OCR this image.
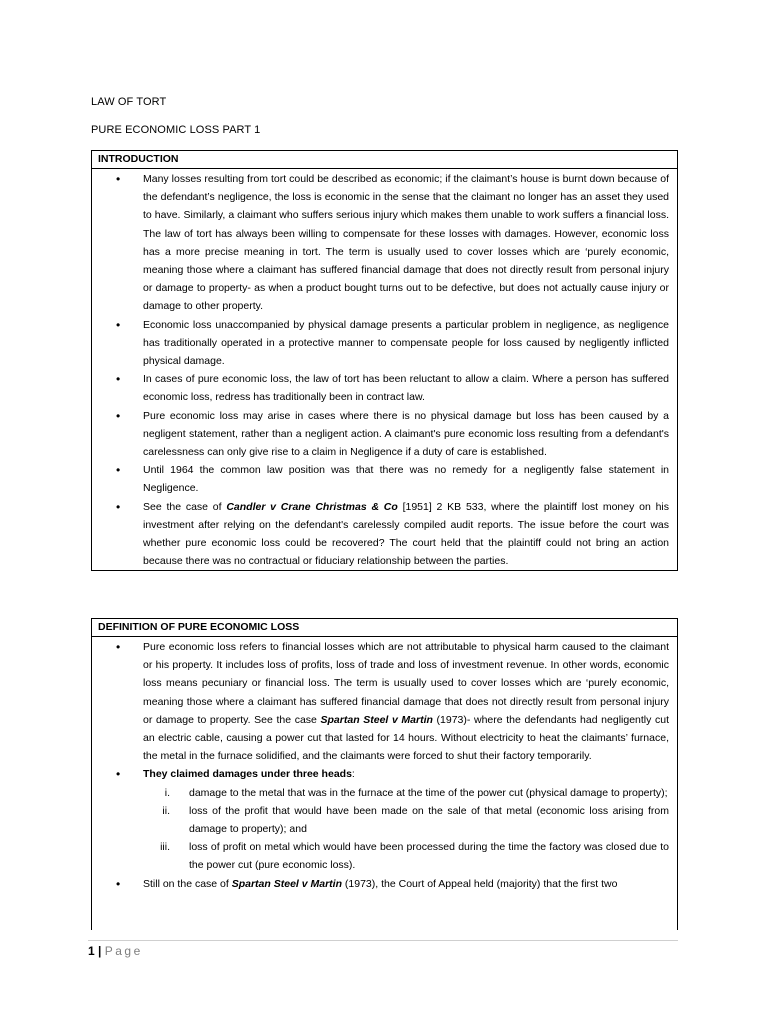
LAW OF TORT
PURE ECONOMIC LOSS PART 1
INTRODUCTION
• Many losses resulting from tort could be described as economic; if the claimant’s house is burnt down because of the defendant’s negligence, the loss is economic in the sense that the claimant no longer has an asset they used to have. Similarly, a claimant who suffers serious injury which makes them unable to work suffers a financial loss. The law of tort has always been willing to compensate for these losses with damages. However, economic loss has a more precise meaning in tort. The term is usually used to cover losses which are ‘purely economic, meaning those where a claimant has suffered financial damage that does not directly result from personal injury or damage to property- as when a product bought turns out to be defective, but does not actually cause injury or damage to other property.
• Economic loss unaccompanied by physical damage presents a particular problem in negligence, as negligence has traditionally operated in a protective manner to compensate people for loss caused by negligently inflicted physical damage.
• In cases of pure economic loss, the law of tort has been reluctant to allow a claim. Where a person has suffered economic loss, redress has traditionally been in contract law.
• Pure economic loss may arise in cases where there is no physical damage but loss has been caused by a negligent statement, rather than a negligent action. A claimant's pure economic loss resulting from a defendant's carelessness can only give rise to a claim in Negligence if a duty of care is established.
• Until 1964 the common law position was that there was no remedy for a negligently false statement in Negligence.
• See the case of Candler v Crane Christmas & Co [1951] 2 KB 533, where the plaintiff lost money on his investment after relying on the defendant's carelessly compiled audit reports. The issue before the court was whether pure economic loss could be recovered? The court held that the plaintiff could not bring an action because there was no contractual or fiduciary relationship between the parties.
DEFINITION OF PURE ECONOMIC LOSS
• Pure economic loss refers to financial losses which are not attributable to physical harm caused to the claimant or his property. It includes loss of profits, loss of trade and loss of investment revenue. In other words, economic loss means pecuniary or financial loss. The term is usually used to cover losses which are ‘purely economic, meaning those where a claimant has suffered financial damage that does not directly result from personal injury or damage to property. See the case Spartan Steel v Martin (1973)- where the defendants had negligently cut an electric cable, causing a power cut that lasted for 14 hours. Without electricity to heat the claimants’ furnace, the metal in the furnace solidified, and the claimants were forced to shut their factory temporarily.
• They claimed damages under three heads:
i. damage to the metal that was in the furnace at the time of the power cut (physical damage to property);
ii. loss of the profit that would have been made on the sale of that metal (economic loss arising from damage to property); and
iii. loss of profit on metal which would have been processed during the time the factory was closed due to the power cut (pure economic loss).
• Still on the case of Spartan Steel v Martin (1973), the Court of Appeal held (majority) that the first two
1 | Page
